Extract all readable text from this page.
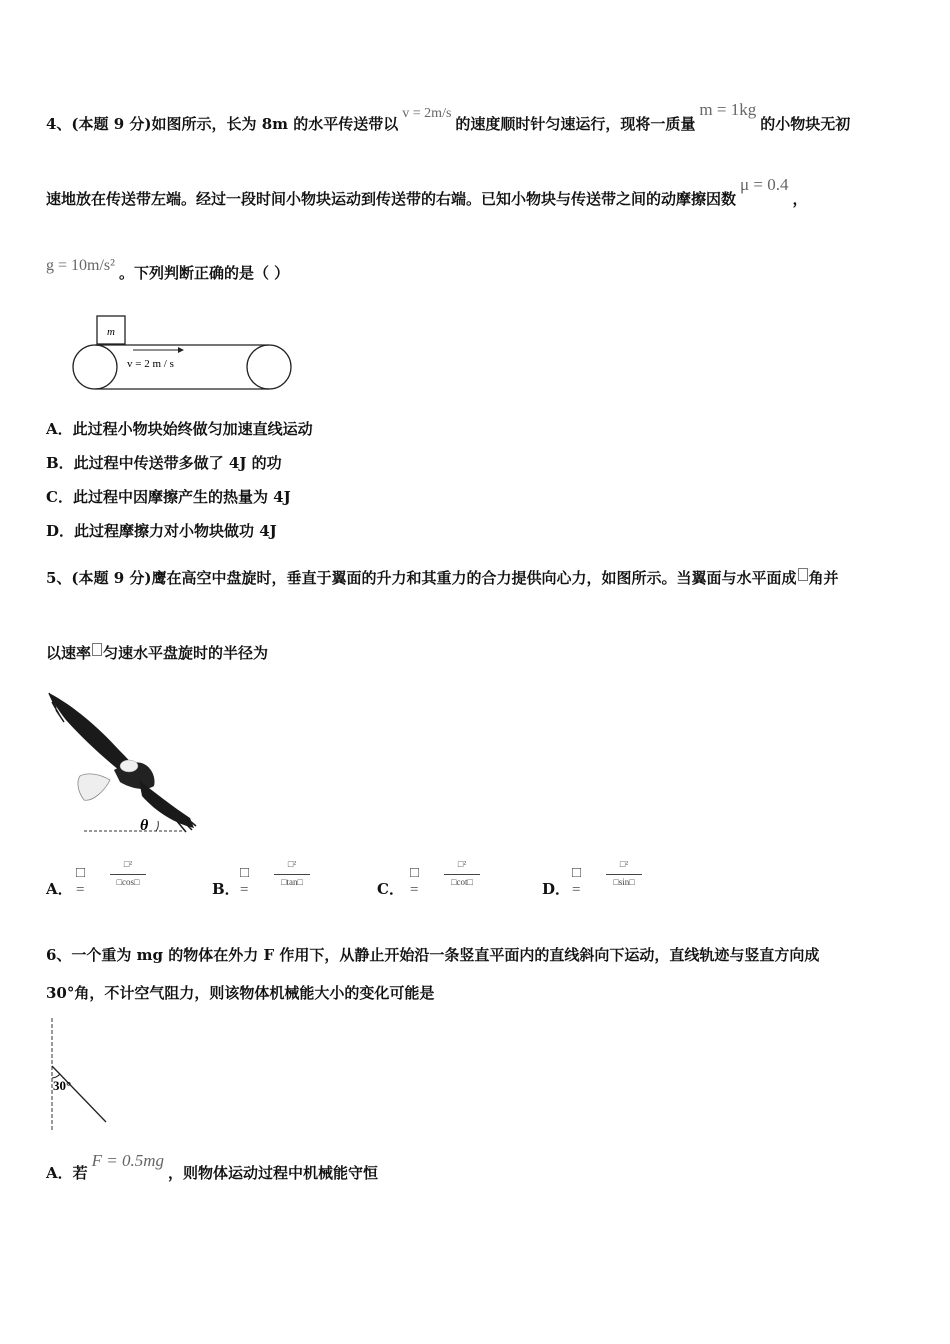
4、(本题 9 分)如图所示，长为 8m 的水平传送带以v = 2m/s的速度顺时针匀速运行，现将一质量m = 1kg的小物块无初
速地放在传送带左端。经过一段时间小物块运动到传送带的右端。已知小物块与传送带之间的动摩擦因数μ = 0.4，
g = 10m/s² 。下列判断正确的是（ ）
m
v = 2 m / s
A．此过程小物块始终做匀加速直线运动
B．此过程中传送带多做了 4J 的功
C．此过程中因摩擦产生的热量为 4J
D．此过程摩擦力对小物块做功 4J
5、(本题 9 分)鹰在高空中盘旋时，垂直于翼面的升力和其重力的合力提供向心力，如图所示。当翼面与水平面成 角并
以速率 匀速水平盘旋时的半径为
θ
A．
□ =
□²
□cos□	B．
□ =
□²
□tan□	C．
□ =
□²
□cot□	D．
□ =
□²
□sin□
6、一个重为 mg 的物体在外力 F 作用下，从静止开始沿一条竖直平面内的直线斜向下运动，直线轨迹与竖直方向成
30°角，不计空气阻力，则该物体机械能大小的变化可能是
30°
A．若F = 0.5mg，则物体运动过程中机械能守恒
